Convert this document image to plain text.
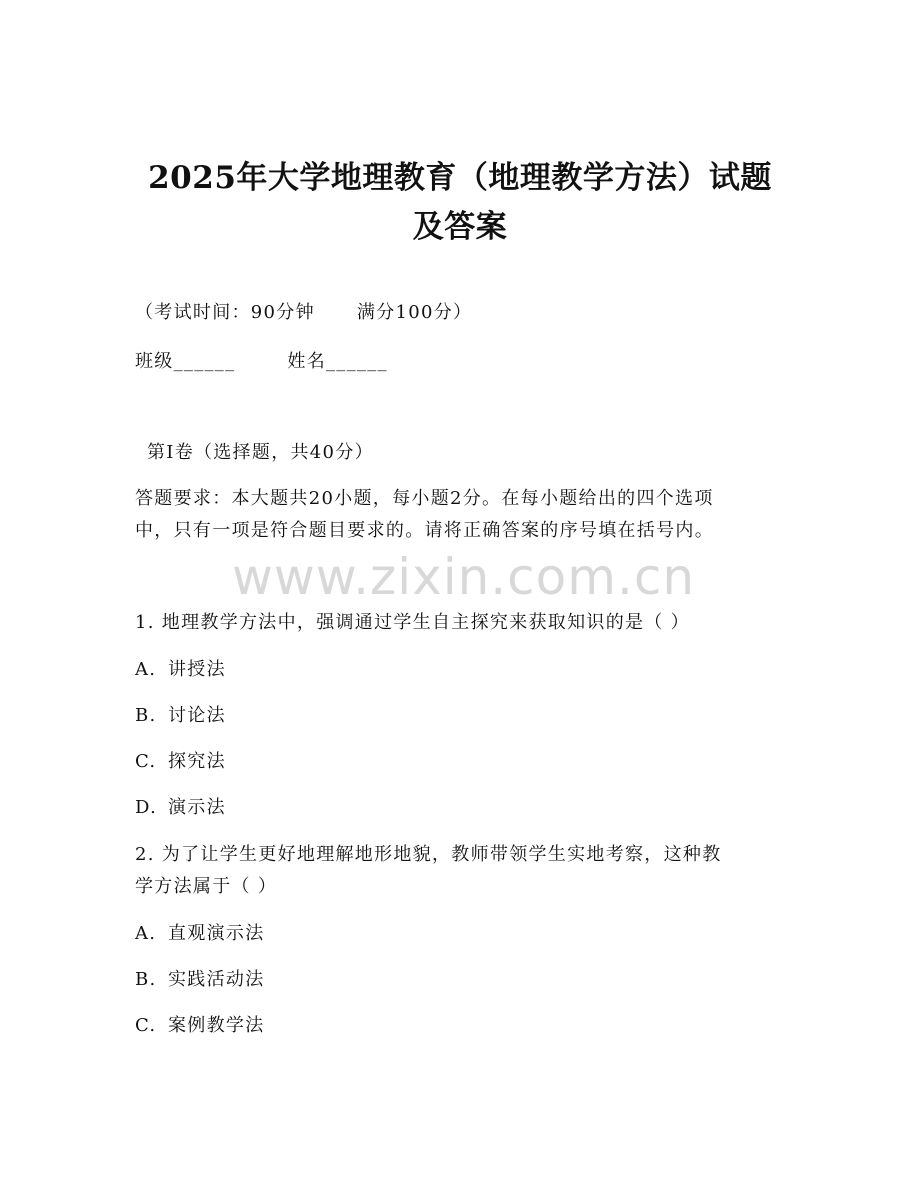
2025年大学地理教育（地理教学方法）试题
及答案
（考试时间：90分钟 满分100分）
班级______	姓名______
第Ⅰ卷（选择题，共40分）
答题要求：本大题共20小题，每小题2分。在每小题给出的四个选项
中，只有一项是符合题目要求的。请将正确答案的序号填在括号内。
www.zixin.com.cn
1. 地理教学方法中，强调通过学生自主探究来获取知识的是（ ）
A. 讲授法
B. 讨论法
C. 探究法
D. 演示法
2. 为了让学生更好地理解地形地貌，教师带领学生实地考察，这种教
学方法属于（ ）
A. 直观演示法
B. 实践活动法
C. 案例教学法
